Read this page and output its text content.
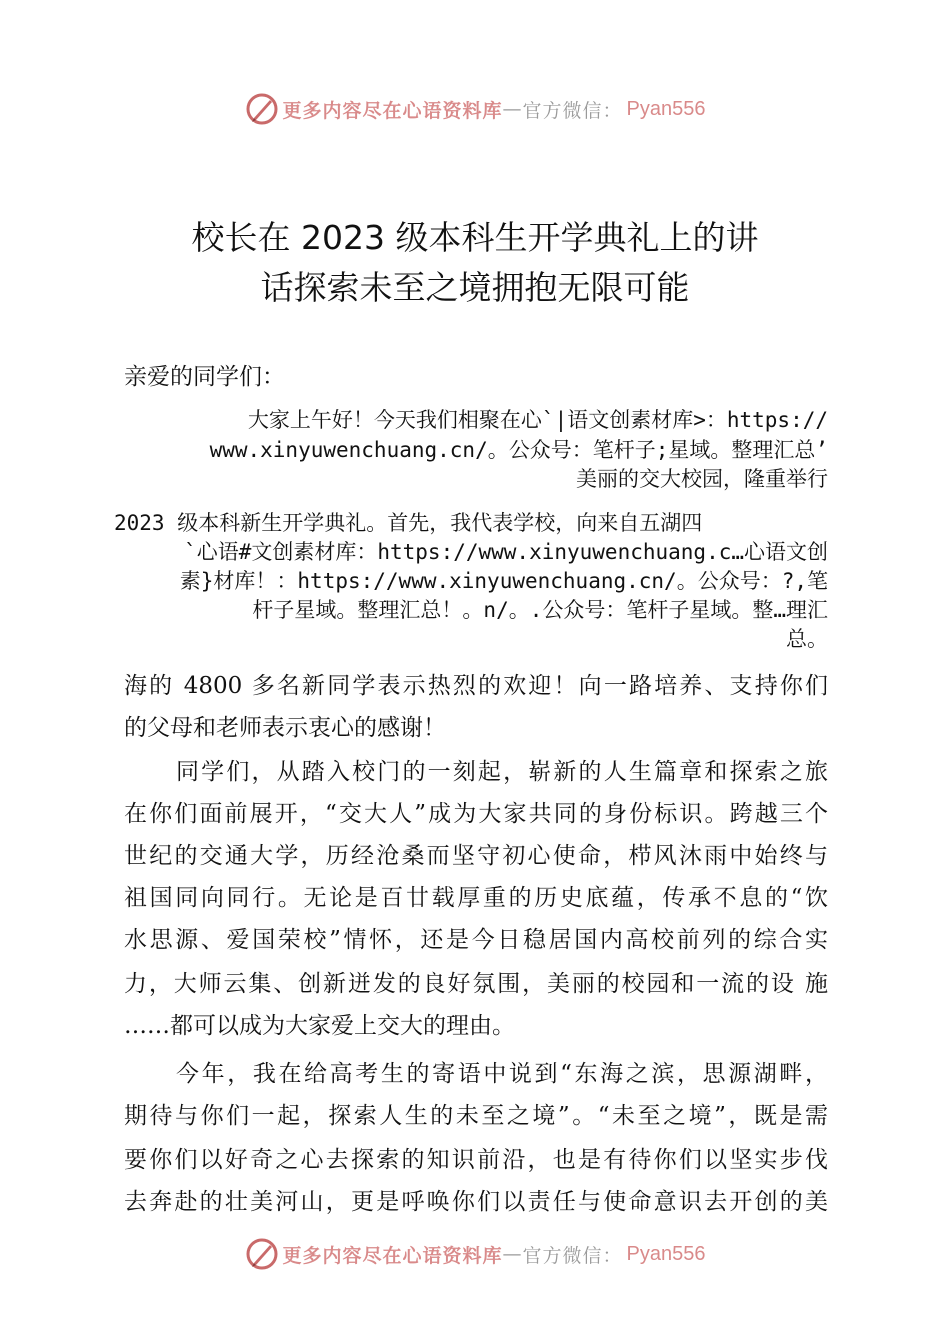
更多内容尽在心语资料库 — 官方微信： Pyan556
校长在 2023 级本科生开学典礼上的讲
话探索未至之境拥抱无限可能
亲爱的同学们：
大家上午好！今天我们相聚在心`|语文创素材库>：https://
www.xinyuwenchuang.cn/。公众号：笔杆子;星域。整理汇总’
美丽的交大校园，隆重举行
2023 级本科新生开学典礼。首先，我代表学校，向来自五湖四
`心语#文创素材库：https://www.xinyuwenchuang.c…心语文创
素}材库！：https://www.xinyuwenchuang.cn/。公众号：?,笔
杆子星域。整理汇总！。n/。.公众号：笔杆子星域。整…理汇
总。
海的 4800 多名新同学表示热烈的欢迎！向一路培养、支持你们
的父母和老师表示衷心的感谢！
同学们，从踏入校门的一刻起，崭新的人生篇章和探索之旅
在你们面前展开，“交大人”成为大家共同的身份标识。跨越三个
世纪的交通大学，历经沧桑而坚守初心使命，栉风沐雨中始终与
祖国同向同行。无论是百廿载厚重的历史底蕴，传承不息的“饮
水思源、爱国荣校”情怀，还是今日稳居国内高校前列的综合实
力，大师云集、创新迸发的良好氛围，美丽的校园和一流的设 施
……都可以成为大家爱上交大的理由。
今年，我在给高考生的寄语中说到“东海之滨，思源湖畔，
期待与你们一起，探索人生的未至之境”。“未至之境”，既是需
要你们以好奇之心去探索的知识前沿，也是有待你们以坚实步伐
去奔赴的壮美河山，更是呼唤你们以责任与使命意识去开创的美
更多内容尽在心语资料库 — 官方微信： Pyan556
